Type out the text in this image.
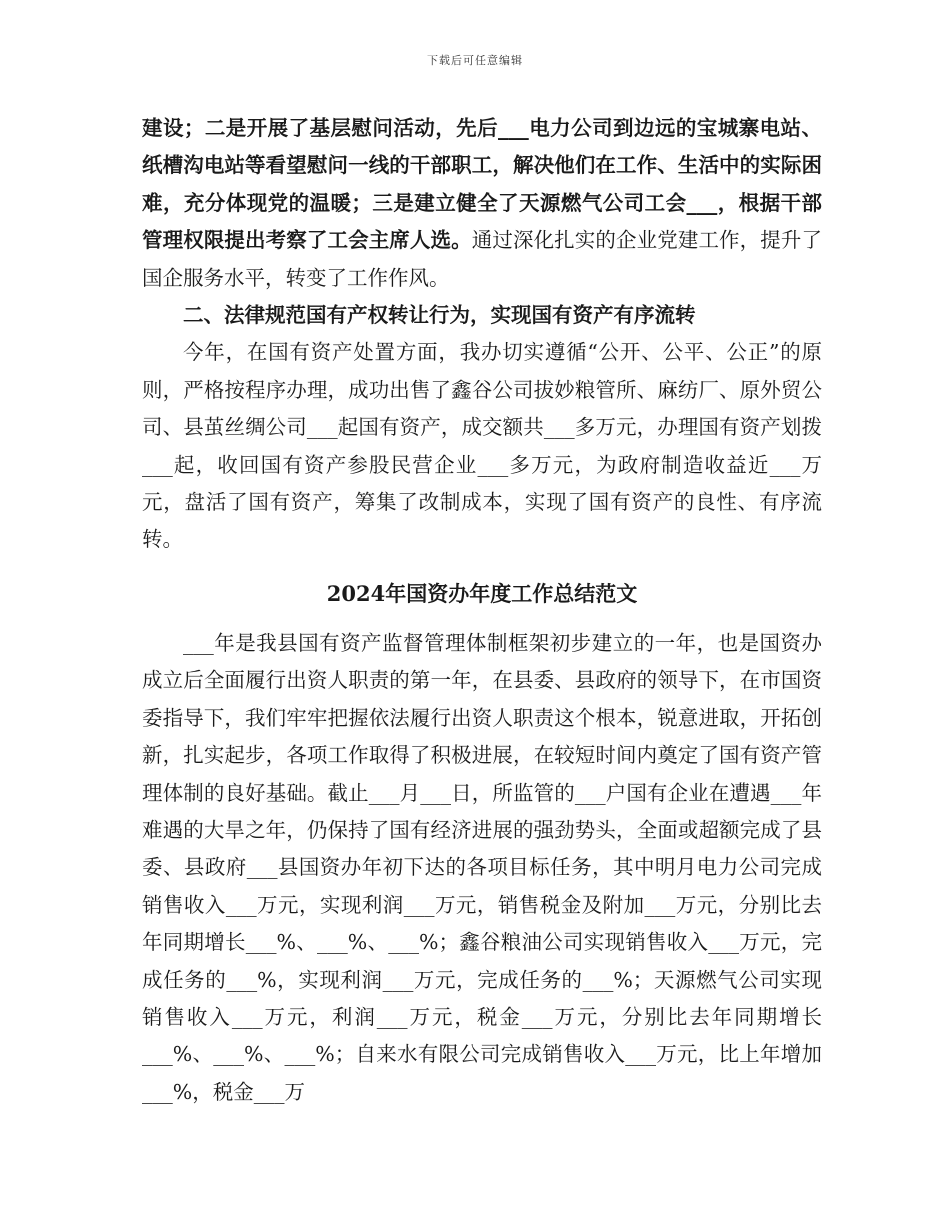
下载后可任意编辑

建设；二是开展了基层慰问活动，先后___电力公司到边远的宝城寨电站、纸槽沟电站等看望慰问一线的干部职工，解决他们在工作、生活中的实际困难，充分体现党的温暖；三是建立健全了天源燃气公司工会___，根据干部管理权限提出考察了工会主席人选。通过深化扎实的企业党建工作，提升了国企服务水平，转变了工作作风。

二、法律规范国有产权转让行为，实现国有资产有序流转

今年，在国有资产处置方面，我办切实遵循“公开、公平、公正”的原则，严格按程序办理，成功出售了鑫谷公司拔妙粮管所、麻纺厂、原外贸公司、县茧丝绸公司___起国有资产，成交额共___多万元，办理国有资产划拨___起，收回国有资产参股民营企业___多万元，为政府制造收益近___万元，盘活了国有资产，筹集了改制成本，实现了国有资产的良性、有序流转。

2024年国资办年度工作总结范文

___年是我县国有资产监督管理体制框架初步建立的一年，也是国资办成立后全面履行出资人职责的第一年，在县委、县政府的领导下，在市国资委指导下，我们牢牢把握依法履行出资人职责这个根本，锐意进取，开拓创新，扎实起步，各项工作取得了积极进展，在较短时间内奠定了国有资产管理体制的良好基础。截止___月___日，所监管的___户国有企业在遭遇___年难遇的大旱之年，仍保持了国有经济进展的强劲势头，全面或超额完成了县委、县政府___县国资办年初下达的各项目标任务，其中明月电力公司完成销售收入___万元，实现利润___万元，销售税金及附加___万元，分别比去年同期增长___%、___%、___%；鑫谷粮油公司实现销售收入___万元，完成任务的___%，实现利润___万元，完成任务的___%；天源燃气公司实现销售收入___万元，利润___万元，税金___万元，分别比去年同期增长___%、___%、___%；自来水有限公司完成销售收入___万元，比上年增加___%，税金___万
